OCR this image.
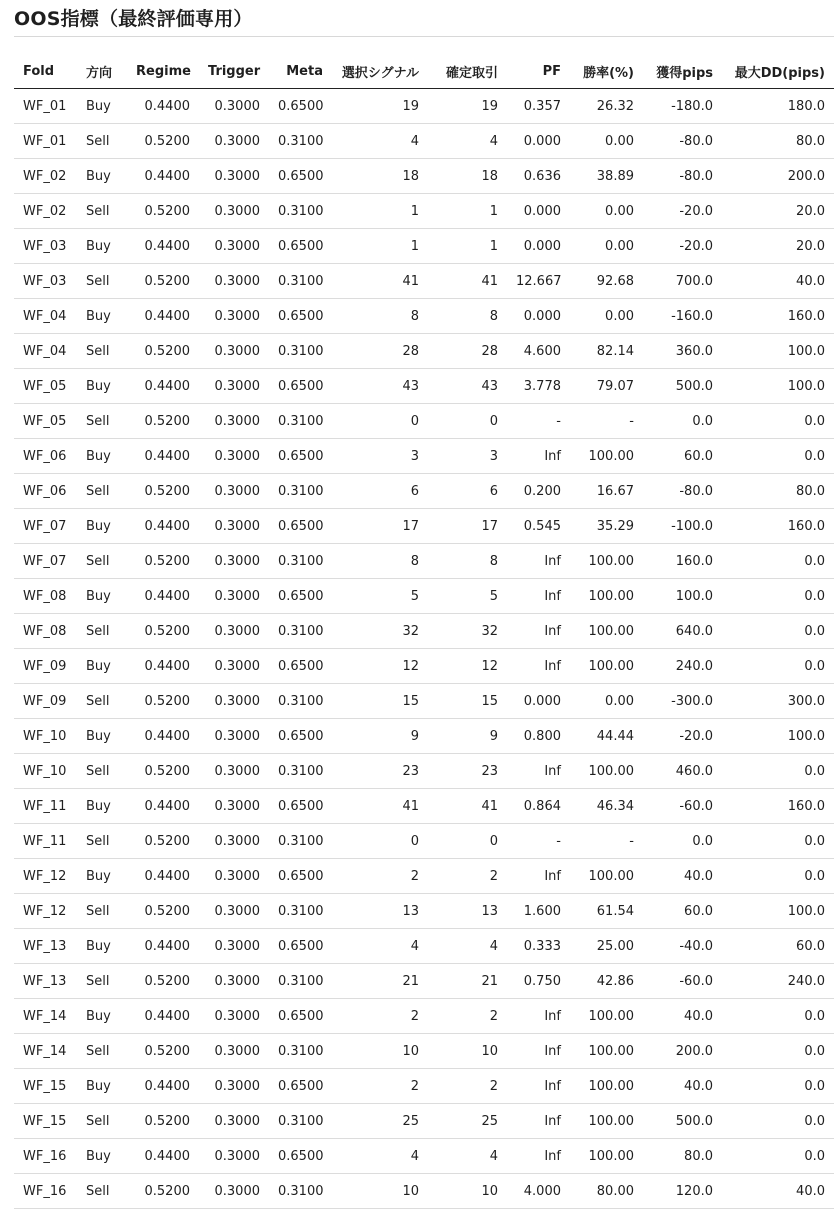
OOS指標（最終評価専用）
Fold	方向	Regime	Trigger	Meta	選択シグナル	確定取引	PF	勝率(%)	獲得pips	最大DD(pips)
WF_01	Buy	0.4400	0.3000	0.6500	19	19	0.357	26.32	-180.0	180.0
WF_01	Sell	0.5200	0.3000	0.3100	4	4	0.000	0.00	-80.0	80.0
WF_02	Buy	0.4400	0.3000	0.6500	18	18	0.636	38.89	-80.0	200.0
WF_02	Sell	0.5200	0.3000	0.3100	1	1	0.000	0.00	-20.0	20.0
WF_03	Buy	0.4400	0.3000	0.6500	1	1	0.000	0.00	-20.0	20.0
WF_03	Sell	0.5200	0.3000	0.3100	41	41	12.667	92.68	700.0	40.0
WF_04	Buy	0.4400	0.3000	0.6500	8	8	0.000	0.00	-160.0	160.0
WF_04	Sell	0.5200	0.3000	0.3100	28	28	4.600	82.14	360.0	100.0
WF_05	Buy	0.4400	0.3000	0.6500	43	43	3.778	79.07	500.0	100.0
WF_05	Sell	0.5200	0.3000	0.3100	0	0	-	-	0.0	0.0
WF_06	Buy	0.4400	0.3000	0.6500	3	3	Inf	100.00	60.0	0.0
WF_06	Sell	0.5200	0.3000	0.3100	6	6	0.200	16.67	-80.0	80.0
WF_07	Buy	0.4400	0.3000	0.6500	17	17	0.545	35.29	-100.0	160.0
WF_07	Sell	0.5200	0.3000	0.3100	8	8	Inf	100.00	160.0	0.0
WF_08	Buy	0.4400	0.3000	0.6500	5	5	Inf	100.00	100.0	0.0
WF_08	Sell	0.5200	0.3000	0.3100	32	32	Inf	100.00	640.0	0.0
WF_09	Buy	0.4400	0.3000	0.6500	12	12	Inf	100.00	240.0	0.0
WF_09	Sell	0.5200	0.3000	0.3100	15	15	0.000	0.00	-300.0	300.0
WF_10	Buy	0.4400	0.3000	0.6500	9	9	0.800	44.44	-20.0	100.0
WF_10	Sell	0.5200	0.3000	0.3100	23	23	Inf	100.00	460.0	0.0
WF_11	Buy	0.4400	0.3000	0.6500	41	41	0.864	46.34	-60.0	160.0
WF_11	Sell	0.5200	0.3000	0.3100	0	0	-	-	0.0	0.0
WF_12	Buy	0.4400	0.3000	0.6500	2	2	Inf	100.00	40.0	0.0
WF_12	Sell	0.5200	0.3000	0.3100	13	13	1.600	61.54	60.0	100.0
WF_13	Buy	0.4400	0.3000	0.6500	4	4	0.333	25.00	-40.0	60.0
WF_13	Sell	0.5200	0.3000	0.3100	21	21	0.750	42.86	-60.0	240.0
WF_14	Buy	0.4400	0.3000	0.6500	2	2	Inf	100.00	40.0	0.0
WF_14	Sell	0.5200	0.3000	0.3100	10	10	Inf	100.00	200.0	0.0
WF_15	Buy	0.4400	0.3000	0.6500	2	2	Inf	100.00	40.0	0.0
WF_15	Sell	0.5200	0.3000	0.3100	25	25	Inf	100.00	500.0	0.0
WF_16	Buy	0.4400	0.3000	0.6500	4	4	Inf	100.00	80.0	0.0
WF_16	Sell	0.5200	0.3000	0.3100	10	10	4.000	80.00	120.0	40.0
